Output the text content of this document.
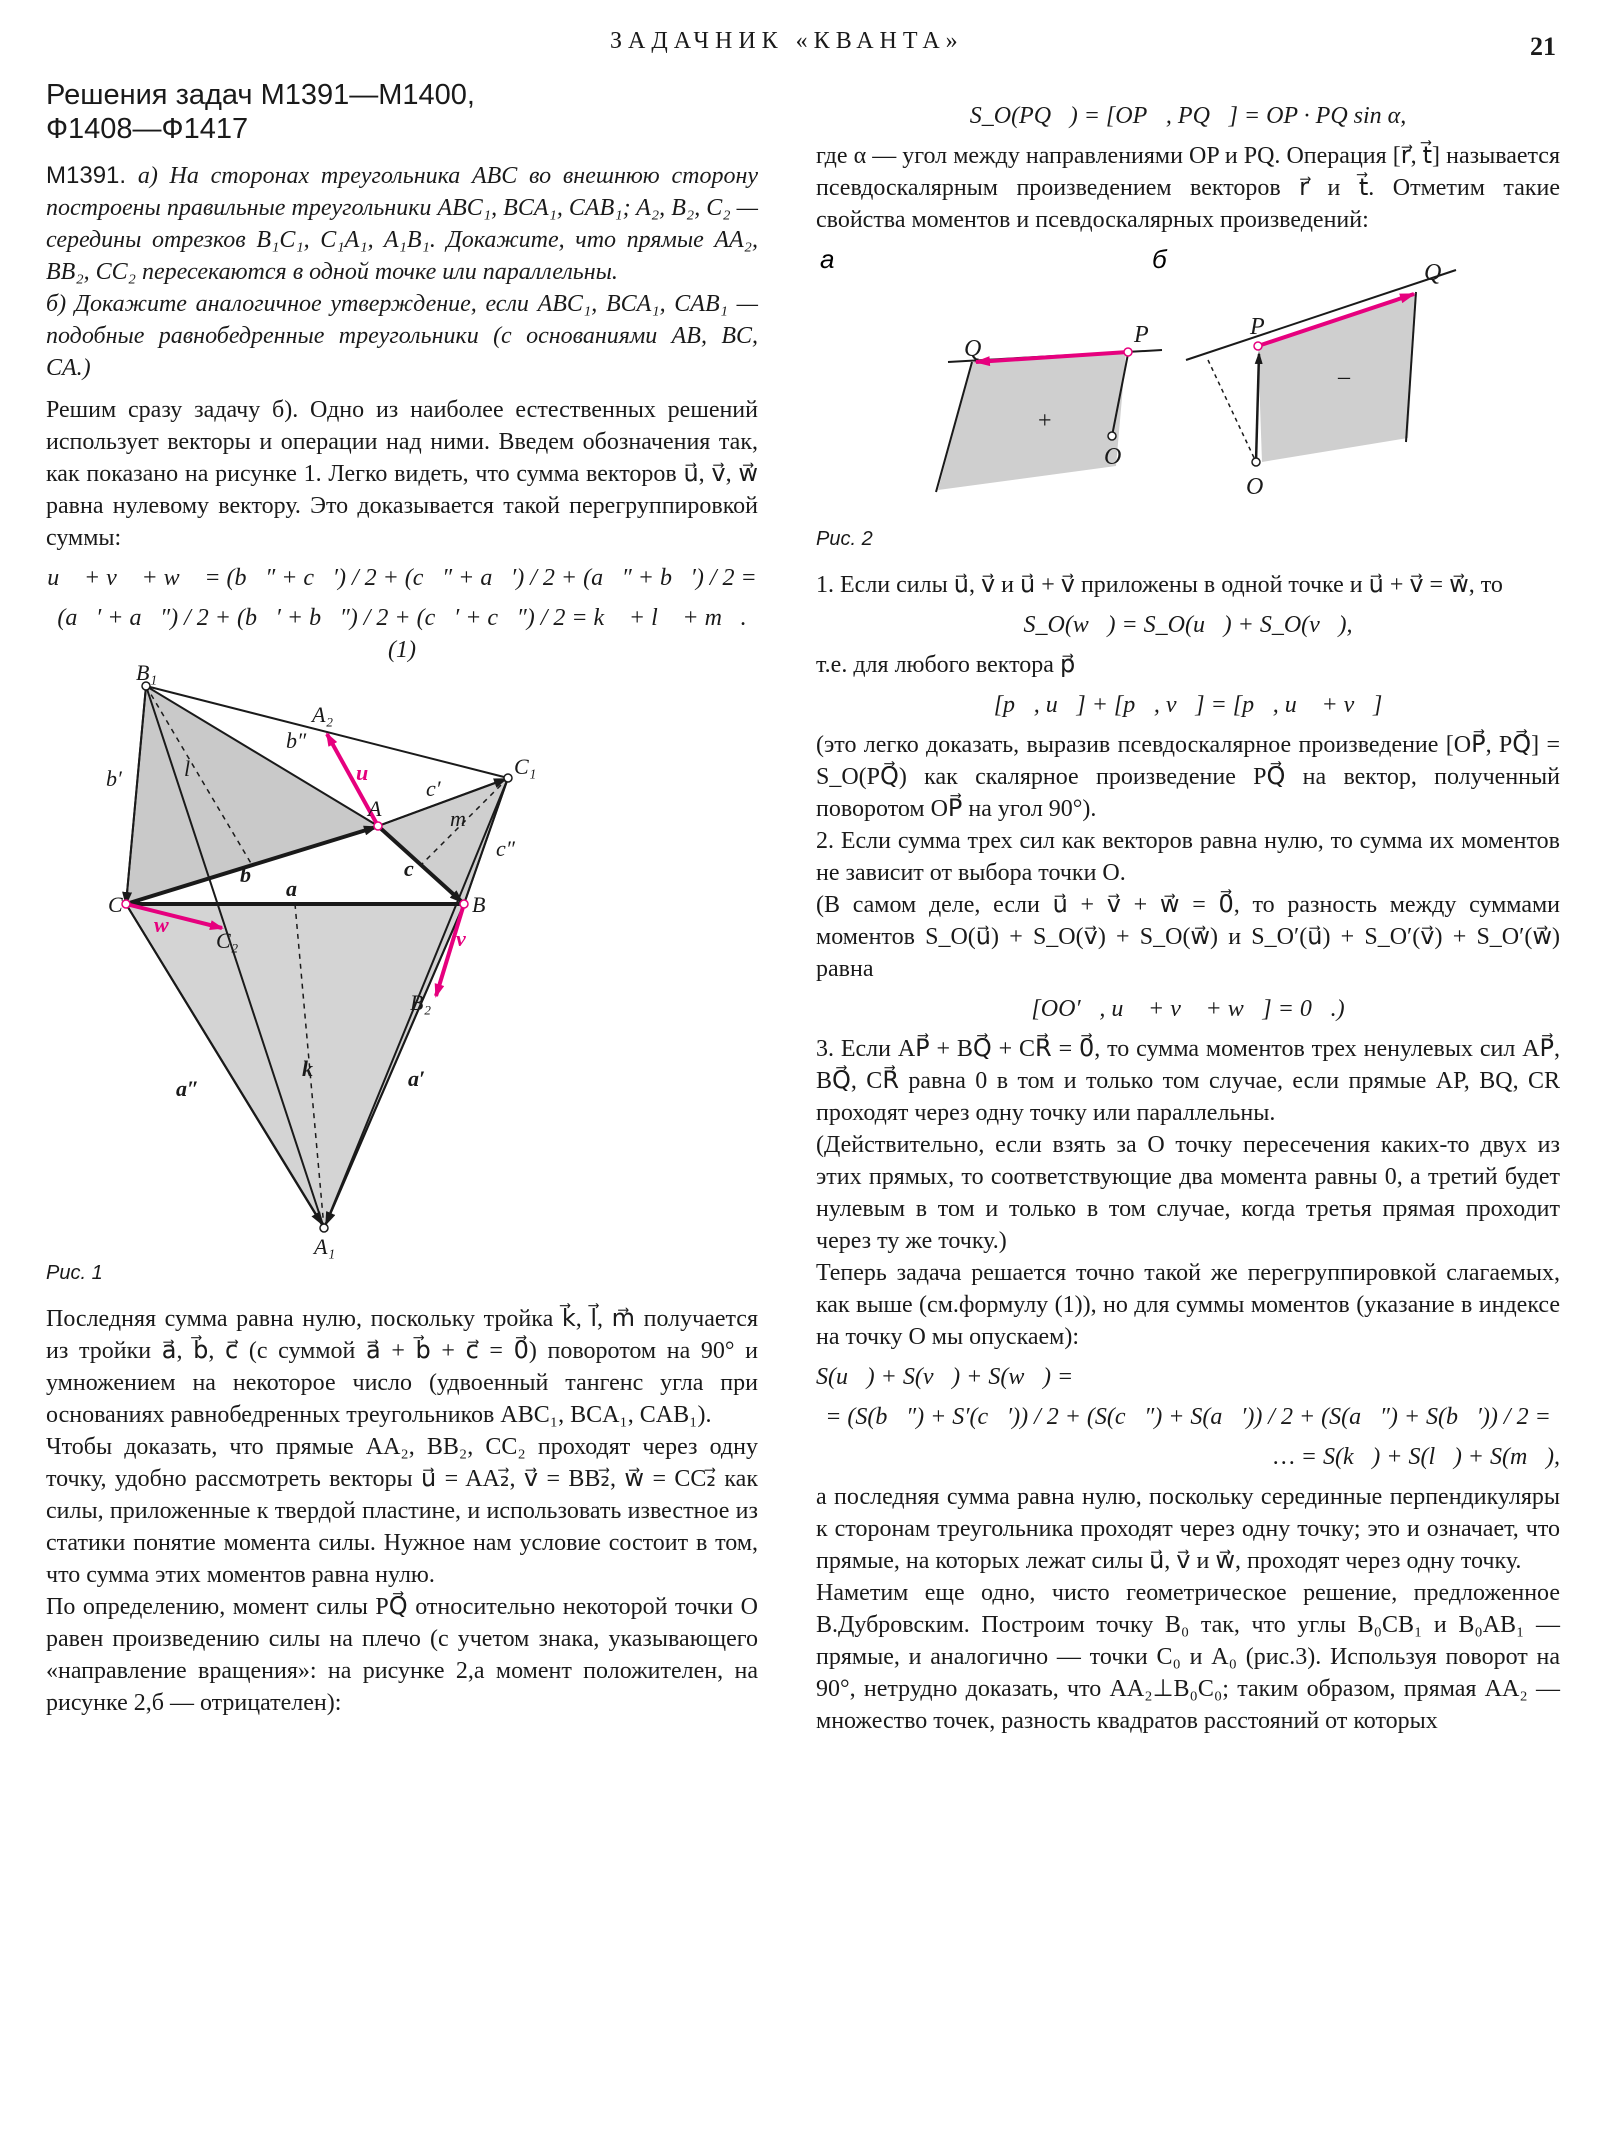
ЗАДАЧНИК «КВАНТА»	21
Решения задач М1391—М1400,
Ф1408—Ф1417

М1391. а) На сторонах треугольника ABC во внешнюю сторону построены правильные треугольники ABC₁, BCA₁, CAB₁; A₂, B₂, C₂ — середины отрезков B₁C₁, C₁A₁, A₁B₁. Докажите, что прямые AA₂, BB₂, CC₂ пересекаются в одной точке или параллельны.

б) Докажите аналогичное утверждение, если ABC₁, BCA₁, CAB₁ — подобные равнобедренные треугольники (с основаниями AB, BC, CA.)

Решим сразу задачу б). Одно из наиболее естественных решений использует векторы и операции над ними. Введем обозначения так, как показано на рисунке 1. Легко видеть, что сумма векторов u⃗, v⃗, w⃗ равна нулевому вектору. Это доказывается такой перегруппировкой суммы:

u⃗ + v⃗ + w⃗ = (b⃗″ + c⃗′) / 2 + (c⃗″ + a⃗′) / 2 + (a⃗″ + b⃗′) / 2 =
(a⃗′ + a⃗″) / 2 + (b⃗′ + b⃗″) / 2 + (c⃗′ + c⃗″) / 2 = k⃗ + l⃗ + m⃗. (1)
B₁
A₂
C₁
A
C	B
C₂
B₂
A₁
b″
b′	l
c′
m
c″
b	c
a
k
a″	a′
u
v
w
Рис. 1

Последняя сумма равна нулю, поскольку тройка k⃗, l⃗, m⃗ получается из тройки a⃗, b⃗, c⃗ (с суммой a⃗ + b⃗ + c⃗ = 0⃗) поворотом на 90° и умножением на некоторое число (удвоенный тангенс угла при основаниях равнобедренных треугольников ABC₁, BCA₁, CAB₁).

Чтобы доказать, что прямые AA₂, BB₂, CC₂ проходят через одну точку, удобно рассмотреть векторы u⃗ = AA₂⃗, v⃗ = BB₂⃗, w⃗ = CC₂⃗ как силы, приложенные к твердой пластине, и использовать известное из статики понятие момента силы. Нужное нам условие состоит в том, что сумма этих моментов равна нулю.

По определению, момент силы PQ⃗ относительно некоторой точки O равен произведению силы на плечо (с учетом знака, указывающего «направление вращения»: на рисунке 2,а момент положителен, на рисунке 2,б — отрицателен):

S_O(PQ⃗) = [OP⃗, PQ⃗] = OP · PQ sin α,

где α — угол между направлениями OP и PQ. Операция [r⃗, t⃗] называется псевдоскалярным произведением векторов r⃗ и t⃗. Отметим такие свойства моментов и псевдоскалярных произведений:

а	б
Q
P
O
+
P
Q
O
–
Рис. 2

1. Если силы u⃗, v⃗ и u⃗ + v⃗ приложены в одной точке и u⃗ + v⃗ = w⃗, то

S_O(w⃗) = S_O(u⃗) + S_O(v⃗),

т.е. для любого вектора p⃗

[p⃗, u⃗] + [p⃗, v⃗] = [p⃗, u⃗ + v⃗]

(это легко доказать, выразив псевдоскалярное произведение [OP⃗, PQ⃗] = S_O(PQ⃗) как скалярное произведение PQ⃗ на вектор, полученный поворотом OP⃗ на угол 90°).

2. Если сумма трех сил как векторов равна нулю, то сумма их моментов не зависит от выбора точки O.

(В самом деле, если u⃗ + v⃗ + w⃗ = 0⃗, то разность между суммами моментов S_O(u⃗) + S_O(v⃗) + S_O(w⃗) и S_O′(u⃗) + S_O′(v⃗) + S_O′(w⃗) равна

[OO′⃗, u⃗ + v⃗ + w⃗] = 0⃗.)

3. Если AP⃗ + BQ⃗ + CR⃗ = 0⃗, то сумма моментов трех ненулевых сил AP⃗, BQ⃗, CR⃗ равна 0 в том и только том случае, если прямые AP, BQ, CR проходят через одну точку или параллельны.

(Действительно, если взять за O точку пересечения каких-то двух из этих прямых, то соответствующие два момента равны 0, а третий будет нулевым в том и только в том случае, когда третья прямая проходит через ту же точку.)

Теперь задача решается точно такой же перегруппировкой слагаемых, как выше (см.формулу (1)), но для суммы моментов (указание в индексе на точку O мы опускаем):

S(u⃗) + S(v⃗) + S(w⃗) =
= (S(b⃗″) + S′(c⃗′)) / 2 + (S(c⃗″) + S(a⃗′)) / 2 + (S(a⃗″) + S(b⃗′)) / 2 =
… = S(k⃗) + S(l⃗) + S(m⃗),

а последняя сумма равна нулю, поскольку серединные перпендикуляры к сторонам треугольника проходят через одну точку; это и означает, что прямые, на которых лежат силы u⃗, v⃗ и w⃗, проходят через одну точку.

Наметим еще одно, чисто геометрическое решение, предложенное В.Дубровским. Построим точку B₀ так, что углы B₀CB₁ и B₀AB₁ — прямые, и аналогично — точки C₀ и A₀ (рис.3). Используя поворот на 90°, нетрудно доказать, что AA₂⊥B₀C₀; таким образом, прямая AA₂ — множество точек, разность квадратов расстояний от которых
